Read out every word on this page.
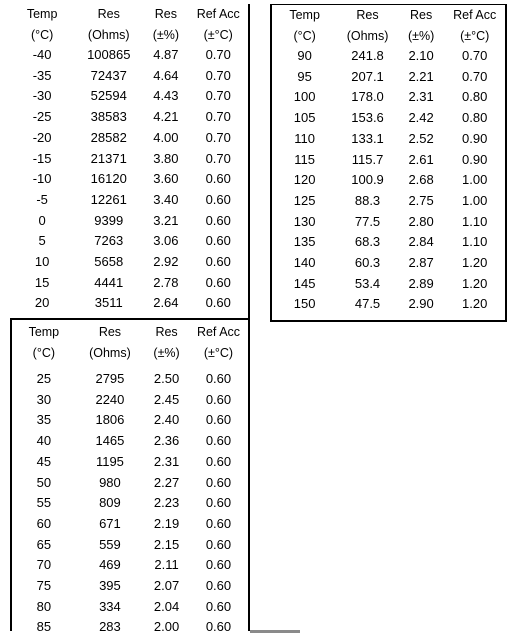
Temp	Res	Res	Ref Acc
(°C)	(Ohms)	(±%)	(±°C)
-40	100865	4.87	0.70
-35	72437	4.64	0.70
-30	52594	4.43	0.70
-25	38583	4.21	0.70
-20	28582	4.00	0.70
-15	21371	3.80	0.70
-10	16120	3.60	0.60
-5	12261	3.40	0.60
0	9399	3.21	0.60
5	7263	3.06	0.60
10	5658	2.92	0.60
15	4441	2.78	0.60
20	3511	2.64	0.60
Temp	Res	Res	Ref Acc
(°C)	(Ohms)	(±%)	(±°C)
90	241.8	2.10	0.70
95	207.1	2.21	0.70
100	178.0	2.31	0.80
105	153.6	2.42	0.80
110	133.1	2.52	0.90
115	115.7	2.61	0.90
120	100.9	2.68	1.00
125	88.3	2.75	1.00
130	77.5	2.80	1.10
135	68.3	2.84	1.10
140	60.3	2.87	1.20
145	53.4	2.89	1.20
150	47.5	2.90	1.20
Temp	Res	Res	Ref Acc
(°C)	(Ohms)	(±%)	(±°C)

25	2795	2.50	0.60
30	2240	2.45	0.60
35	1806	2.40	0.60
40	1465	2.36	0.60
45	1195	2.31	0.60
50	980	2.27	0.60
55	809	2.23	0.60
60	671	2.19	0.60
65	559	2.15	0.60
70	469	2.11	0.60
75	395	2.07	0.60
80	334	2.04	0.60
85	283	2.00	0.60
